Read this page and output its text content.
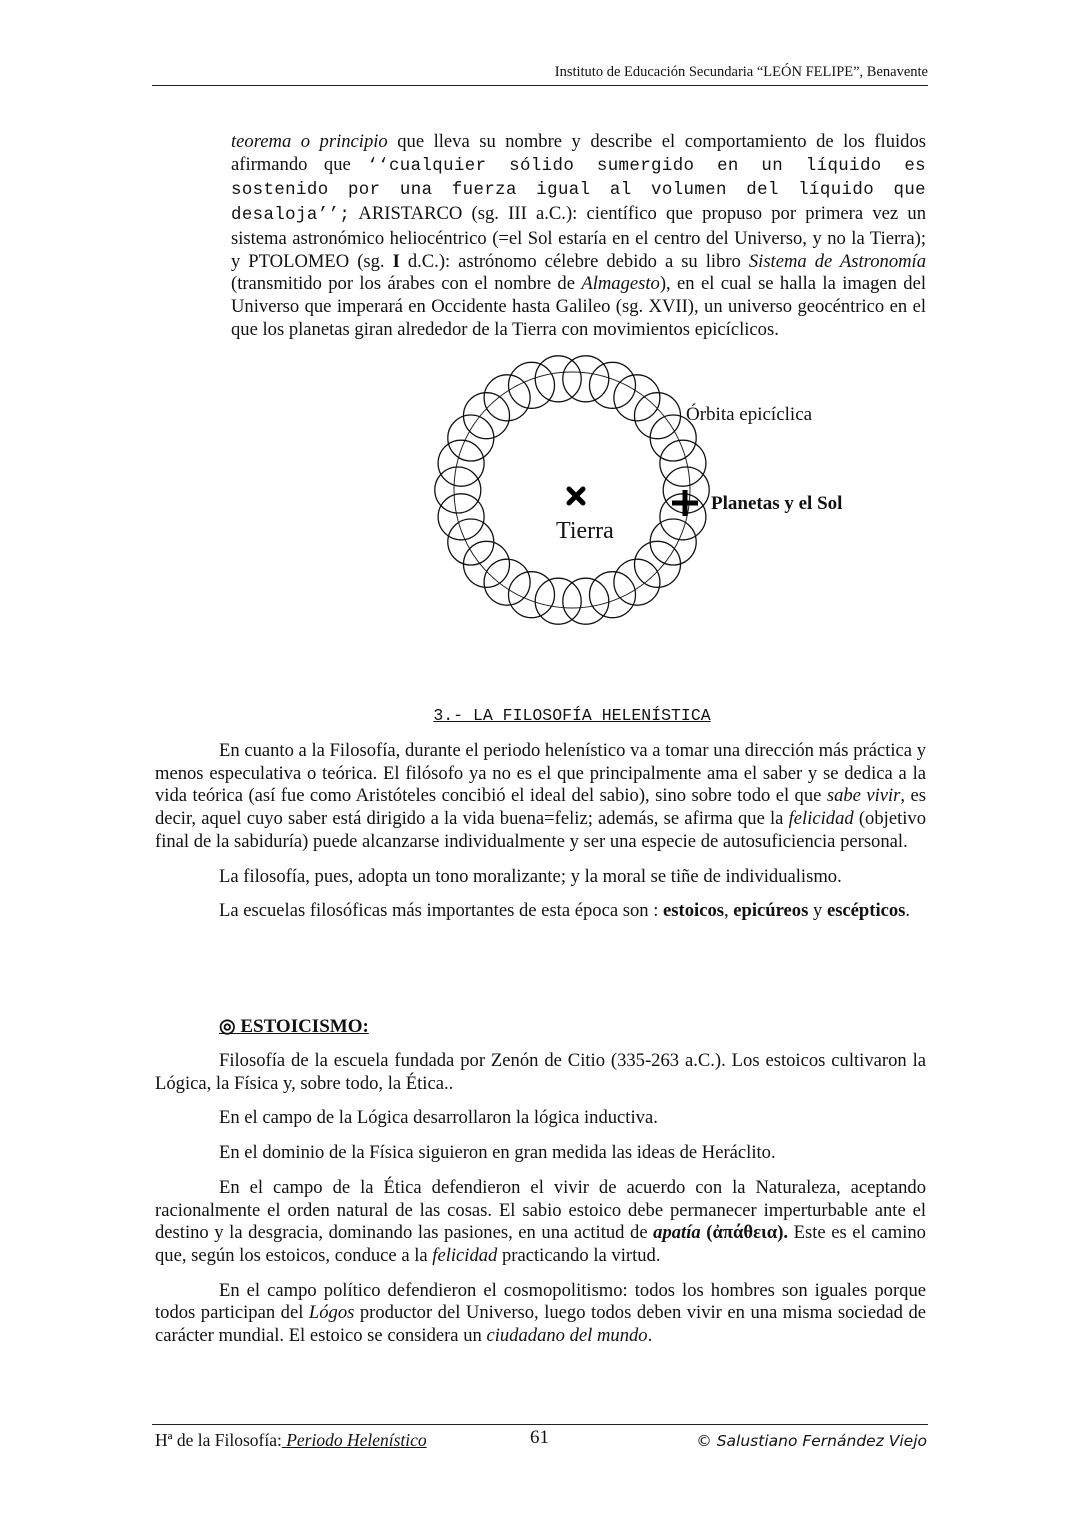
Instituto de Educación Secundaria “LEÓN FELIPE”, Benavente
teorema o principio que lleva su nombre y describe el comportamiento de los fluidos afirmando que ‘‘cualquier sólido sumergido en un líquido es sostenido por una fuerza igual al volumen del líquido que desaloja’’; ARISTARCO (sg. III a.C.): científico que propuso por primera vez un sistema astronómico heliocéntrico (=el Sol estaría en el centro del Universo, y no la Tierra); y PTOLOMEO (sg. I d.C.): astrónomo célebre debido a su libro Sistema de Astronomía (transmitido por los árabes con el nombre de Almagesto), en el cual se halla la imagen del Universo que imperará en Occidente hasta Galileo (sg. XVII), un universo geocéntrico en el que los planetas giran alrededor de la Tierra con movimientos epicíclicos.
Tierra
Órbita epicíclica
Planetas y el Sol
3.- LA FILOSOFÍA HELENÍSTICA

En cuanto a la Filosofía, durante el periodo helenístico va a tomar una dirección más práctica y menos especulativa o teórica. El filósofo ya no es el que principalmente ama el saber y se dedica a la vida teórica (así fue como Aristóteles concibió el ideal del sabio), sino sobre todo el que sabe vivir, es decir, aquel cuyo saber está dirigido a la vida buena=feliz; además, se afirma que la felicidad (objetivo final de la sabiduría) puede alcanzarse individualmente y ser una especie de autosuficiencia personal.

La filosofía, pues, adopta un tono moralizante; y la moral se tiñe de individualismo.

La escuelas filosóficas más importantes de esta época son : estoicos, epicúreos y escépticos.

◎ ESTOICISMO:

Filosofía de la escuela fundada por Zenón de Citio (335-263 a.C.). Los estoicos cultivaron la Lógica, la Física y, sobre todo, la Ética..

En el campo de la Lógica desarrollaron la lógica inductiva.

En el dominio de la Física siguieron en gran medida las ideas de Heráclito.

En el campo de la Ética defendieron el vivir de acuerdo con la Naturaleza, aceptando racionalmente el orden natural de las cosas. El sabio estoico debe permanecer imperturbable ante el destino y la desgracia, dominando las pasiones, en una actitud de apatía (ἀπάθεια). Este es el camino que, según los estoicos, conduce a la felicidad practicando la virtud.

En el campo político defendieron el cosmopolitismo: todos los hombres son iguales porque todos participan del Lógos productor del Universo, luego todos deben vivir en una misma sociedad de carácter mundial. El estoico se considera un ciudadano del mundo.

Hª de la Filosofía: Periodo Helenístico	61	© Salustiano Fernández Viejo
